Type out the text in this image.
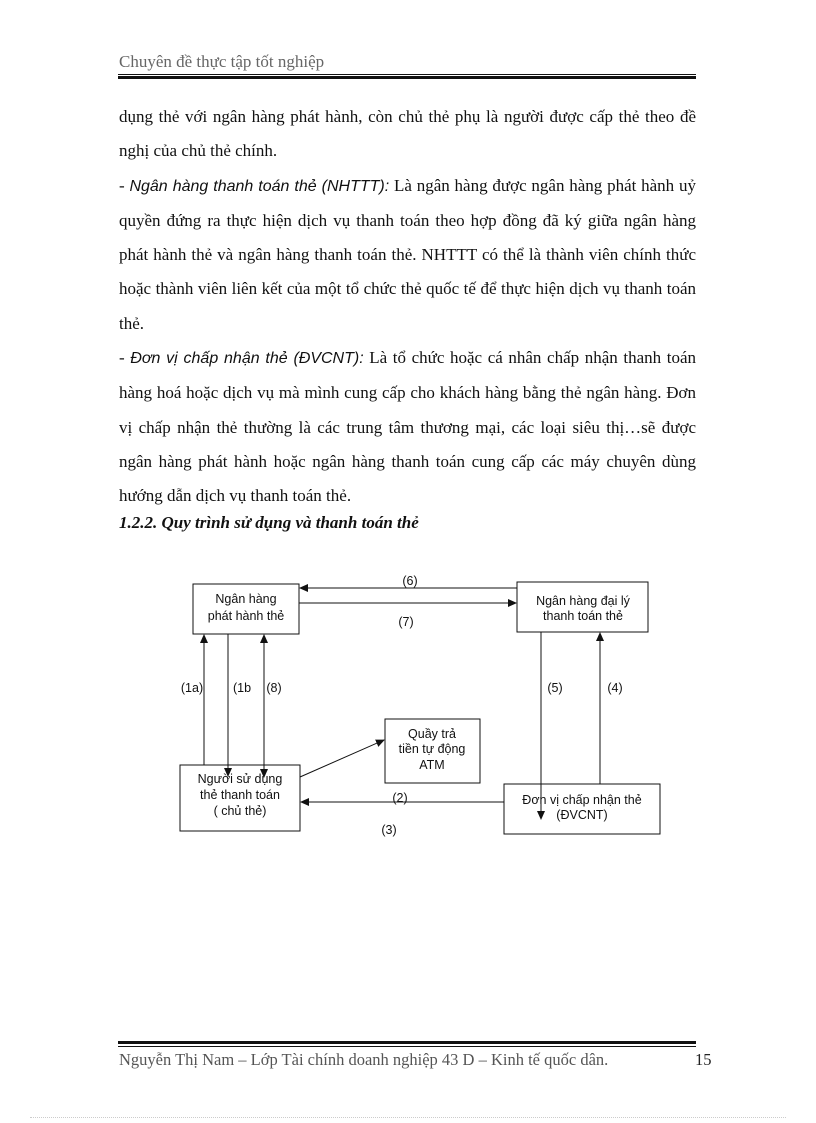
Chuyên đề thực tập tốt nghiệp

dụng thẻ với ngân hàng phát hành, còn chủ thẻ phụ là người được cấp thẻ theo đề nghị của chủ thẻ chính.

- Ngân hàng thanh toán thẻ (NHTTT): Là ngân hàng được ngân hàng phát hành uỷ quyền đứng ra thực hiện dịch vụ thanh toán theo hợp đồng đã ký giữa ngân hàng phát hành thẻ và ngân hàng thanh toán thẻ. NHTTT có thể là thành viên chính thức hoặc thành viên liên kết của một tổ chức thẻ quốc tế để thực hiện dịch vụ thanh toán thẻ.

- Đơn vị chấp nhận thẻ (ĐVCNT): Là tổ chức hoặc cá nhân chấp nhận thanh toán hàng hoá hoặc dịch vụ mà mình cung cấp cho khách hàng bằng thẻ ngân hàng. Đơn vị chấp nhận thẻ thường là các trung tâm thương mại, các loại siêu thị…sẽ được ngân hàng phát hành hoặc ngân hàng thanh toán cung cấp các máy chuyên dùng hướng dẫn dịch vụ thanh toán thẻ.

1.2.2. Quy trình sử dụng và thanh toán thẻ
Ngân hàng
phát hành thẻ
Ngân hàng đại lý
thanh toán thẻ
Quầy trả
tiền tự động
ATM
Người sử dụng
thẻ thanh toán
( chủ thẻ)
Đơn vị chấp nhận thẻ
(ĐVCNT)
(6)
(7)
(1a) (1b (8)	(5)	(4)
(2)
(3)
Nguyễn Thị Nam – Lớp Tài chính doanh nghiệp 43 D – Kinh tế quốc dân.	15
